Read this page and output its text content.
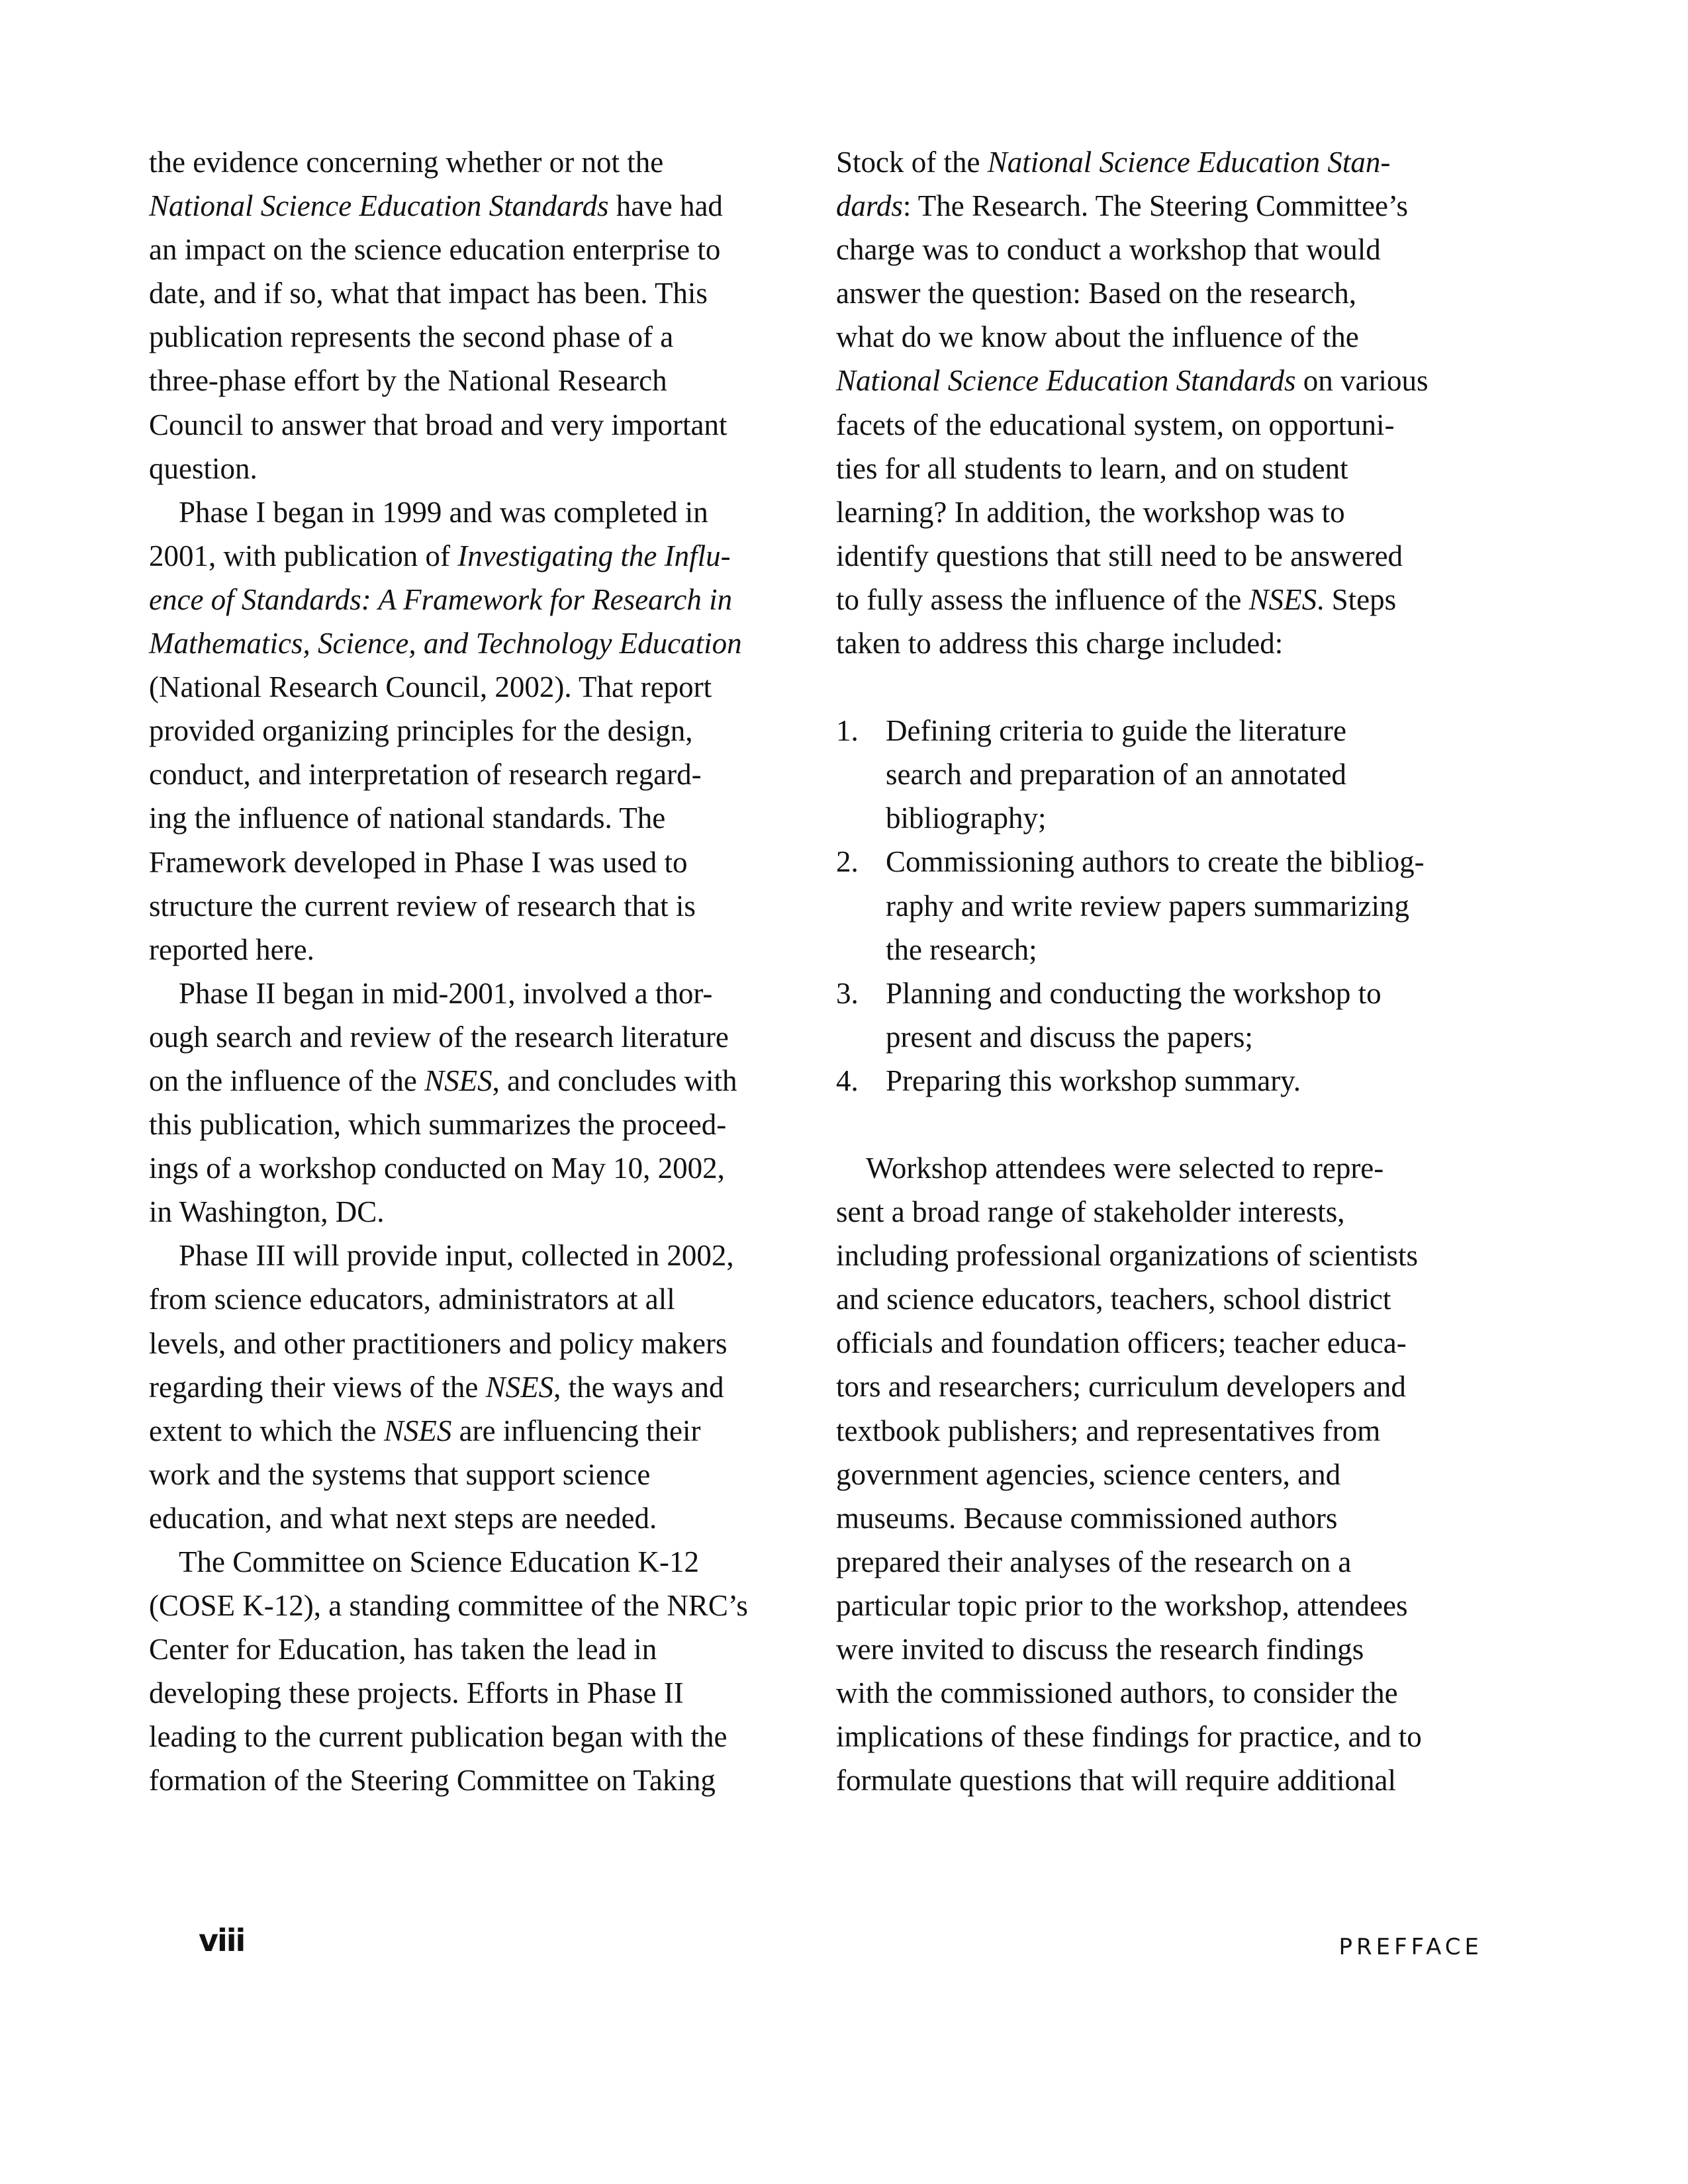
the evidence concerning whether or not the
National Science Education Standards have had
an impact on the science education enterprise to
date, and if so, what that impact has been. This
publication represents the second phase of a
three-phase effort by the National Research
Council to answer that broad and very important
question.
Phase I began in 1999 and was completed in
2001, with publication of Investigating the Influ-
ence of Standards: A Framework for Research in
Mathematics, Science, and Technology Education
(National Research Council, 2002). That report
provided organizing principles for the design,
conduct, and interpretation of research regard-
ing the influence of national standards. The
Framework developed in Phase I was used to
structure the current review of research that is
reported here.
Phase II began in mid-2001, involved a thor-
ough search and review of the research literature
on the influence of the NSES, and concludes with
this publication, which summarizes the proceed-
ings of a workshop conducted on May 10, 2002,
in Washington, DC.
Phase III will provide input, collected in 2002,
from science educators, administrators at all
levels, and other practitioners and policy makers
regarding their views of the NSES, the ways and
extent to which the NSES are influencing their
work and the systems that support science
education, and what next steps are needed.
The Committee on Science Education K-12
(COSE K-12), a standing committee of the NRC’s
Center for Education, has taken the lead in
developing these projects. Efforts in Phase II
leading to the current publication began with the
formation of the Steering Committee on Taking
Stock of the National Science Education Stan-
dards: The Research. The Steering Committee’s
charge was to conduct a workshop that would
answer the question: Based on the research,
what do we know about the influence of the
National Science Education Standards on various
facets of the educational system, on opportuni-
ties for all students to learn, and on student
learning? In addition, the workshop was to
identify questions that still need to be answered
to fully assess the influence of the NSES. Steps
taken to address this charge included:
1. Defining criteria to guide the literature
search and preparation of an annotated
bibliography;
2. Commissioning authors to create the bibliog-
raphy and write review papers summarizing
the research;
3. Planning and conducting the workshop to
present and discuss the papers;
4. Preparing this workshop summary.
Workshop attendees were selected to repre-
sent a broad range of stakeholder interests,
including professional organizations of scientists
and science educators, teachers, school district
officials and foundation officers; teacher educa-
tors and researchers; curriculum developers and
textbook publishers; and representatives from
government agencies, science centers, and
museums. Because commissioned authors
prepared their analyses of the research on a
particular topic prior to the workshop, attendees
were invited to discuss the research findings
with the commissioned authors, to consider the
implications of these findings for practice, and to
formulate questions that will require additional
viii	PREFFACE
